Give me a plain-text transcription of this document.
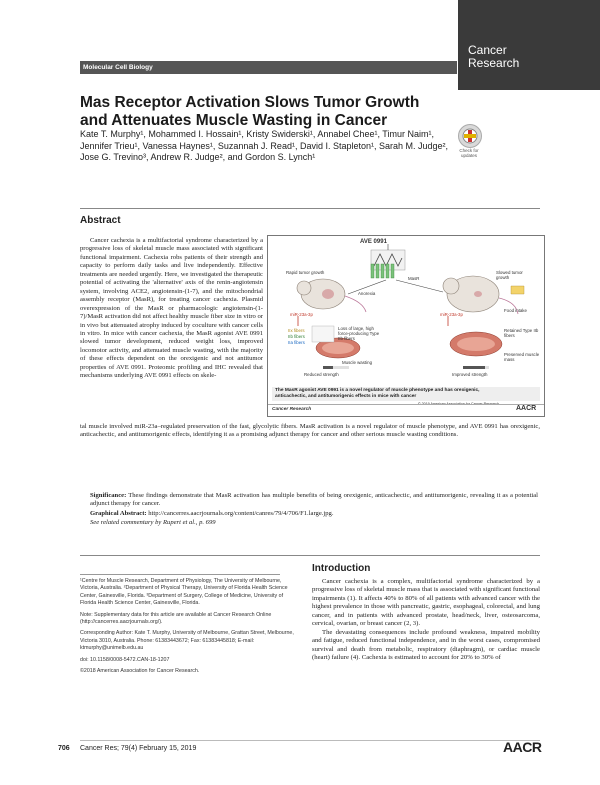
Cancer
Research
Molecular Cell Biology
Mas Receptor Activation Slows Tumor Growth and Attenuates Muscle Wasting in Cancer
Kate T. Murphy¹, Mohammed I. Hossain¹, Kristy Swiderski¹, Annabel Chee¹, Timur Naim¹, Jennifer Trieu¹, Vanessa Haynes¹, Suzannah J. Read¹, David I. Stapleton¹, Sarah M. Judge², Jose G. Trevino³, Andrew R. Judge², and Gordon S. Lynch¹
Check for updates
Abstract

Cancer cachexia is a multifactorial syndrome characterized by a progressive loss of skeletal muscle mass associated with significant functional impairment. Cachexia robs patients of their strength and capacity to perform daily tasks and live independently. Effective treatments are needed urgently. Here, we investigated the therapeutic potential of activating the 'alternative' axis of the renin-angiotensin system, involving ACE2, angiotensin-(1-7), and the mitochondrial assembly receptor (MasR), for treating cancer cachexia. Plasmid overexpression of the MasR or pharmacologic angiotensin-(1-7)/MasR activation did not affect healthy muscle fiber size in vitro or in vivo but attenuated atrophy induced by coculture with cancer cells in vitro. In mice with cancer cachexia, the MasR agonist AVE 0991 slowed tumor development, reduced weight loss, improved locomotor activity, and attenuated muscle wasting, with the majority of these effects dependent on the orexigenic and not antitumor properties of AVE 0991. Proteomic profiling and IHC revealed that mechanisms underlying AVE 0991 effects on skele-

AVE 0991
MasR
Rapid tumor growth	Slowed tumor growth
Anorexia
Food intake
miR-23a-3p	miR-23a-3p
IIx fibers
IIb fibers
IIa fibers
Loss of large, high force-producing Type IIb fibers
Muscle wasting
Reduced strength
Retained Type IIb fibers
Preserved muscle mass
Improved strength
The MasR agonist AVE 0991 is a novel regulator of muscle phenotype and has orexigenic,
anticachectic, and antitumorigenic effects in mice with cancer
© 2019 American Association for Cancer Research
Cancer Research	AACR
tal muscle involved miR-23a–regulated preservation of the fast, glycolytic fibers. MasR activation is a novel regulator of muscle phenotype, and AVE 0991 has orexigenic, anticachectic, and antitumorigenic effects, identifying it as a promising adjunct therapy for cancer and other serious muscle wasting conditions.
Significance: These findings demonstrate that MasR activation has multiple benefits of being orexigenic, anticachectic, and antitumorigenic, revealing it as a potential adjunct therapy for cancer.
Graphical Abstract: http://cancerres.aacrjournals.org/content/canres/79/4/706/F1.large.jpg.
See related commentary by Rupert et al., p. 699

¹Centre for Muscle Research, Department of Physiology, The University of Melbourne, Victoria, Australia. ²Department of Physical Therapy, University of Florida Health Science Center, Gainesville, Florida. ³Department of Surgery, College of Medicine, University of Florida Health Science Center, Gainesville, Florida.

Note: Supplementary data for this article are available at Cancer Research Online (http://cancerres.aacrjournals.org/).

Corresponding Author: Kate T. Murphy, University of Melbourne, Grattan Street, Melbourne, Victoria 3010, Australia. Phone: 61383443672; Fax: 61383445818; E-mail: ktmurphy@unimelb.edu.au

doi: 10.1158/0008-5472.CAN-18-1207

©2018 American Association for Cancer Research.

Introduction

Cancer cachexia is a complex, multifactorial syndrome characterized by a progressive loss of skeletal muscle mass that is associated with significant functional impairments (1). It affects 40% to 80% of all patients with advanced cancer with the highest prevalence in those with pancreatic, gastric, esophageal, colorectal, and lung cancer, and in patients with advanced prostate, head/neck, liver, osteosarcoma, cervical, ovarian, or breast cancer (2, 3).

The devastating consequences include profound weakness, impaired mobility and fatigue, reduced functional independence, and in the worst cases, compromised survival and death from metabolic, respiratory (diaphragm), or cardiac muscle (heart) failure (4). Cachexia is estimated to account for 20% to 30% of

706 Cancer Res; 79(4) February 15, 2019	AACR
